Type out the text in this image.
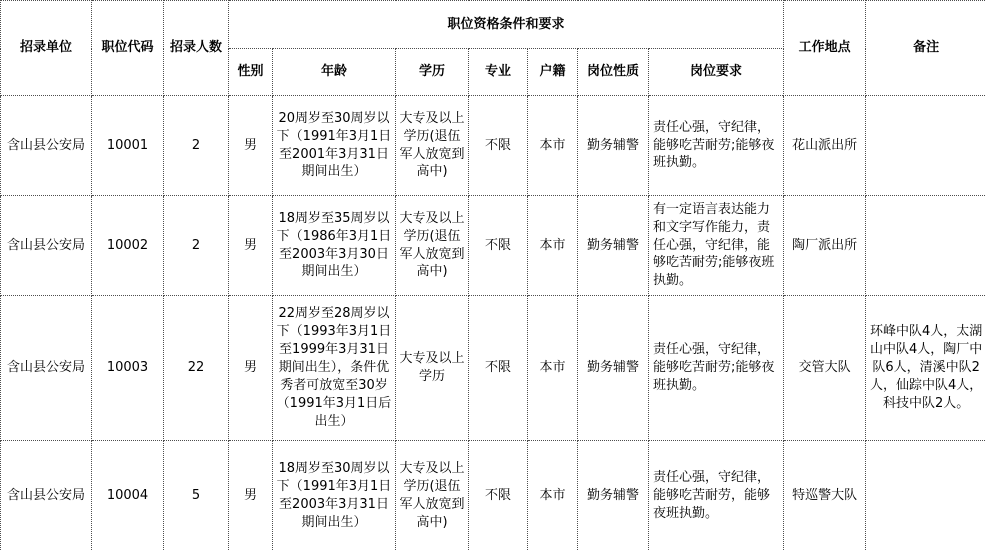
招录单位	职位代码	招录人数	职位资格条件和要求							工作地点	备注
			性别	年龄	学历	专业	户籍	岗位性质	岗位要求		
含山县公安局	10001	2	男	20周岁至30周岁以下（1991年3月1日至2001年3月31日期间出生）	大专及以上学历(退伍军人放宽到高中)	不限	本市	勤务辅警	责任心强，守纪律，能够吃苦耐劳;能够夜班执勤。	花山派出所	
含山县公安局	10002	2	男	18周岁至35周岁以下（1986年3月1日至2003年3月30日期间出生）	大专及以上学历(退伍军人放宽到高中)	不限	本市	勤务辅警	有一定语言表达能力和文字写作能力，责任心强，守纪律，能够吃苦耐劳;能够夜班执勤。	陶厂派出所	
含山县公安局	10003	22	男	22周岁至28周岁以下（1993年3月1日至1999年3月31日期间出生），条件优秀者可放宽至30岁（1991年3月1日后出生）	大专及以上学历	不限	本市	勤务辅警	责任心强，守纪律，能够吃苦耐劳;能够夜班执勤。	交管大队	环峰中队4人，太湖山中队4人，陶厂中队6人，清溪中队2人，仙踪中队4人，科技中队2人。
含山县公安局	10004	5	男	18周岁至30周岁以下（1991年3月1日至2003年3月31日期间出生）	大专及以上学历(退伍军人放宽到高中)	不限	本市	勤务辅警	责任心强，守纪律，能够吃苦耐劳，能够夜班执勤。	特巡警大队	
